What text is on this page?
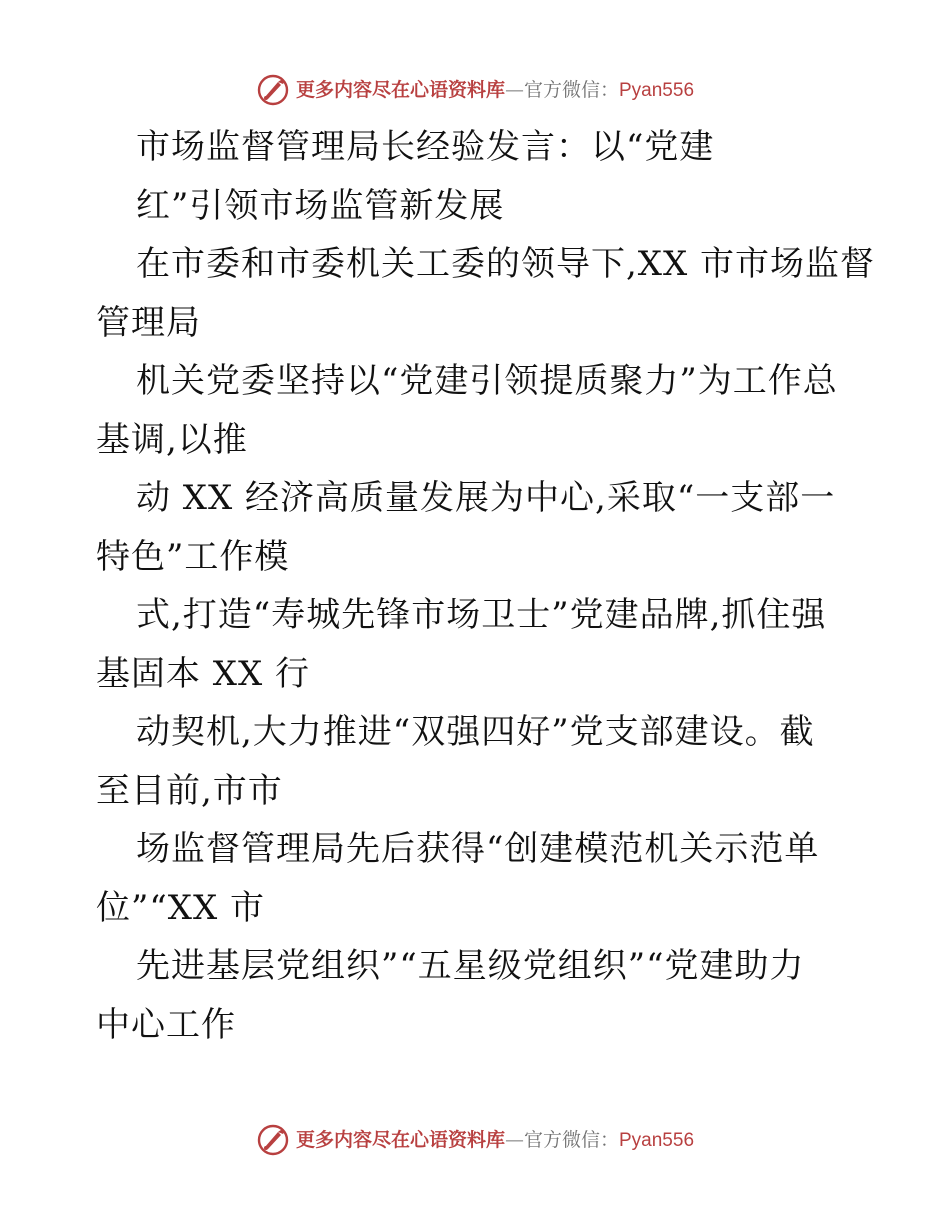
更多内容尽在心语资料库—官方微信：Pyan556
市场监督管理局长经验发言：以“党建
红”引领市场监管新发展
在市委和市委机关工委的领导下,XX 市市场监督
管理局
机关党委坚持以“党建引领提质聚力”为工作总
基调,以推
动 XX 经济高质量发展为中心,采取“一支部一
特色”工作模
式,打造“寿城先锋市场卫士”党建品牌,抓住强
基固本 XX 行
动契机,大力推进“双强四好”党支部建设。截
至目前,市市
场监督管理局先后获得“创建模范机关示范单
位”“XX 市
先进基层党组织”“五星级党组织”“党建助力
中心工作
更多内容尽在心语资料库—官方微信：Pyan556
